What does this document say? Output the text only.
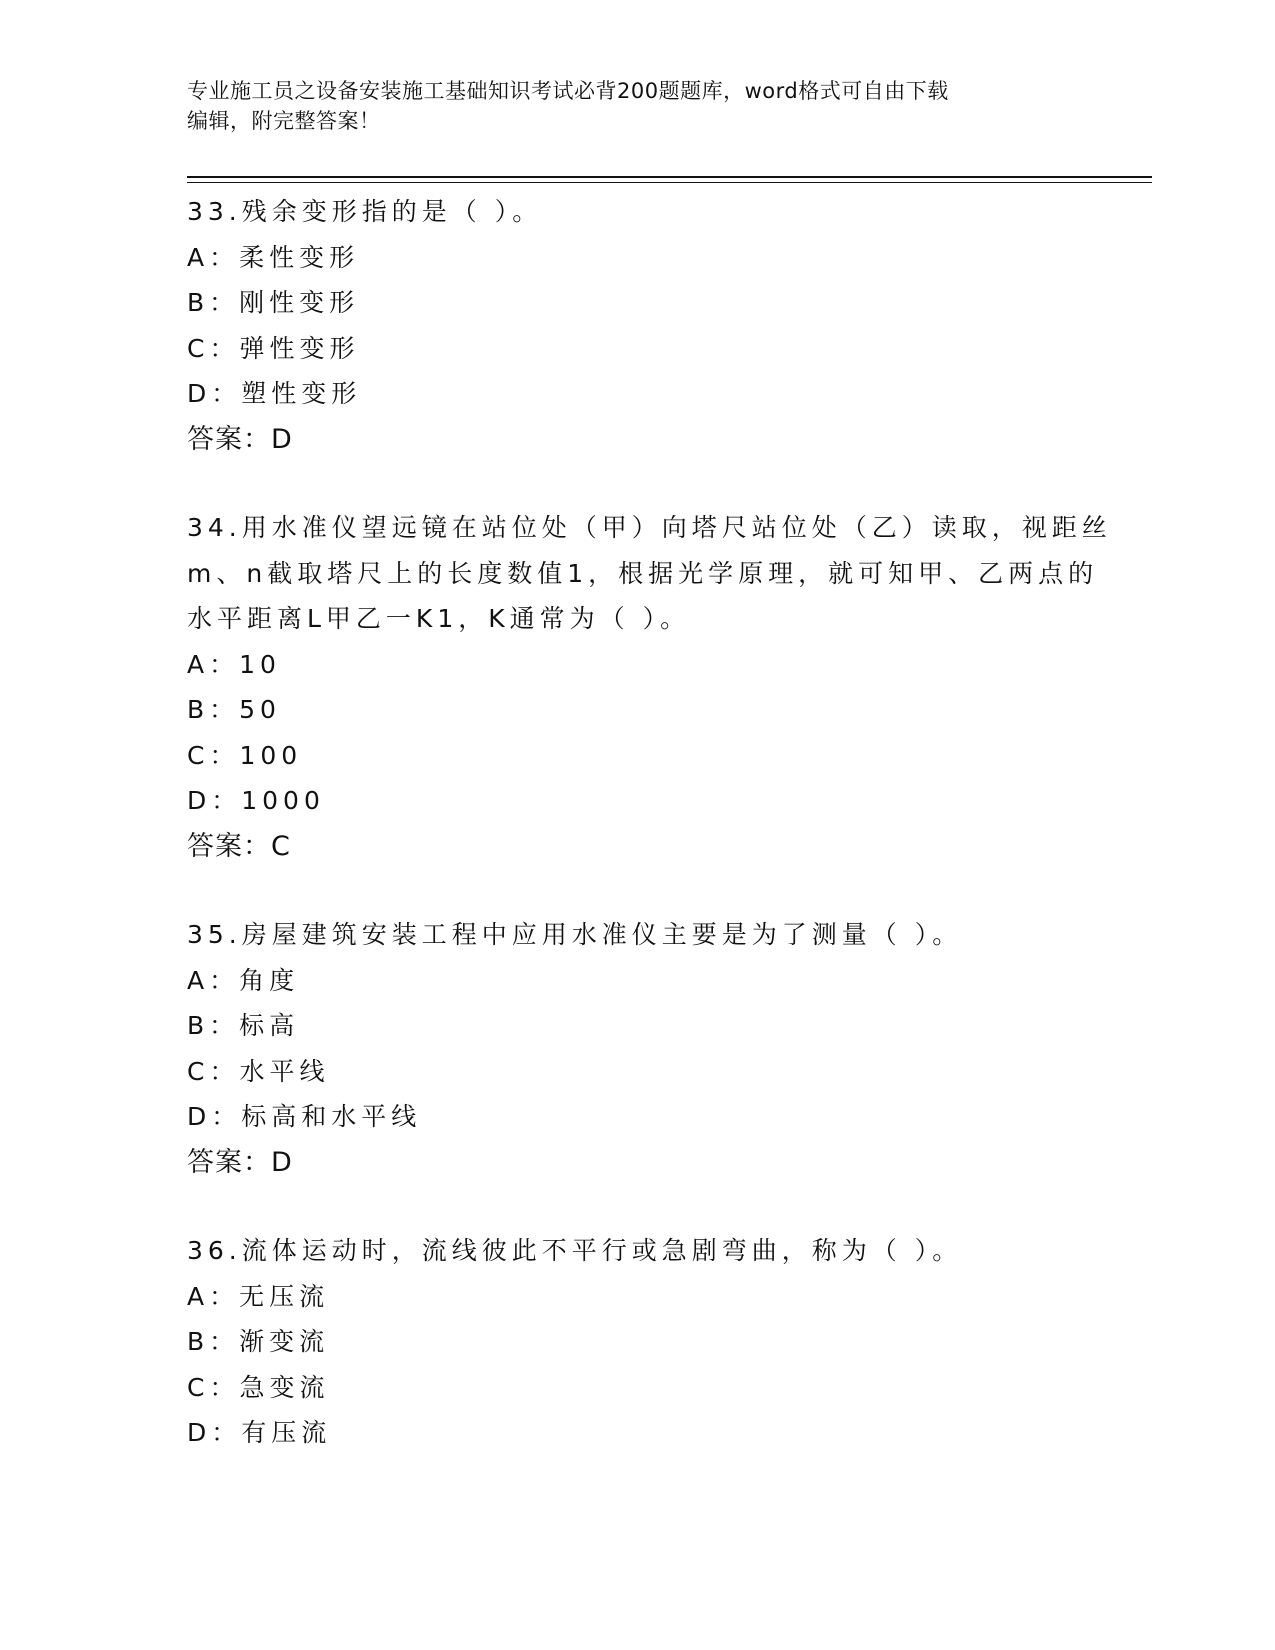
专业施工员之设备安装施工基础知识考试必背200题题库，word格式可自由下载
编辑，附完整答案！
33.残余变形指的是（ ）。
A：柔性变形
B：刚性变形
C：弹性变形
D：塑性变形
答案：D
34.用水准仪望远镜在站位处（甲）向塔尺站位处（乙）读取，视距丝
m、n截取塔尺上的长度数值1，根据光学原理，就可知甲、乙两点的
水平距离L甲乙一K1，K通常为（ ）。
A：10
B：50
C：100
D：1000
答案：C
35.房屋建筑安装工程中应用水准仪主要是为了测量（ ）。
A：角度
B：标高
C：水平线
D：标高和水平线
答案：D
36.流体运动时，流线彼此不平行或急剧弯曲，称为（ ）。
A：无压流
B：渐变流
C：急变流
D：有压流
